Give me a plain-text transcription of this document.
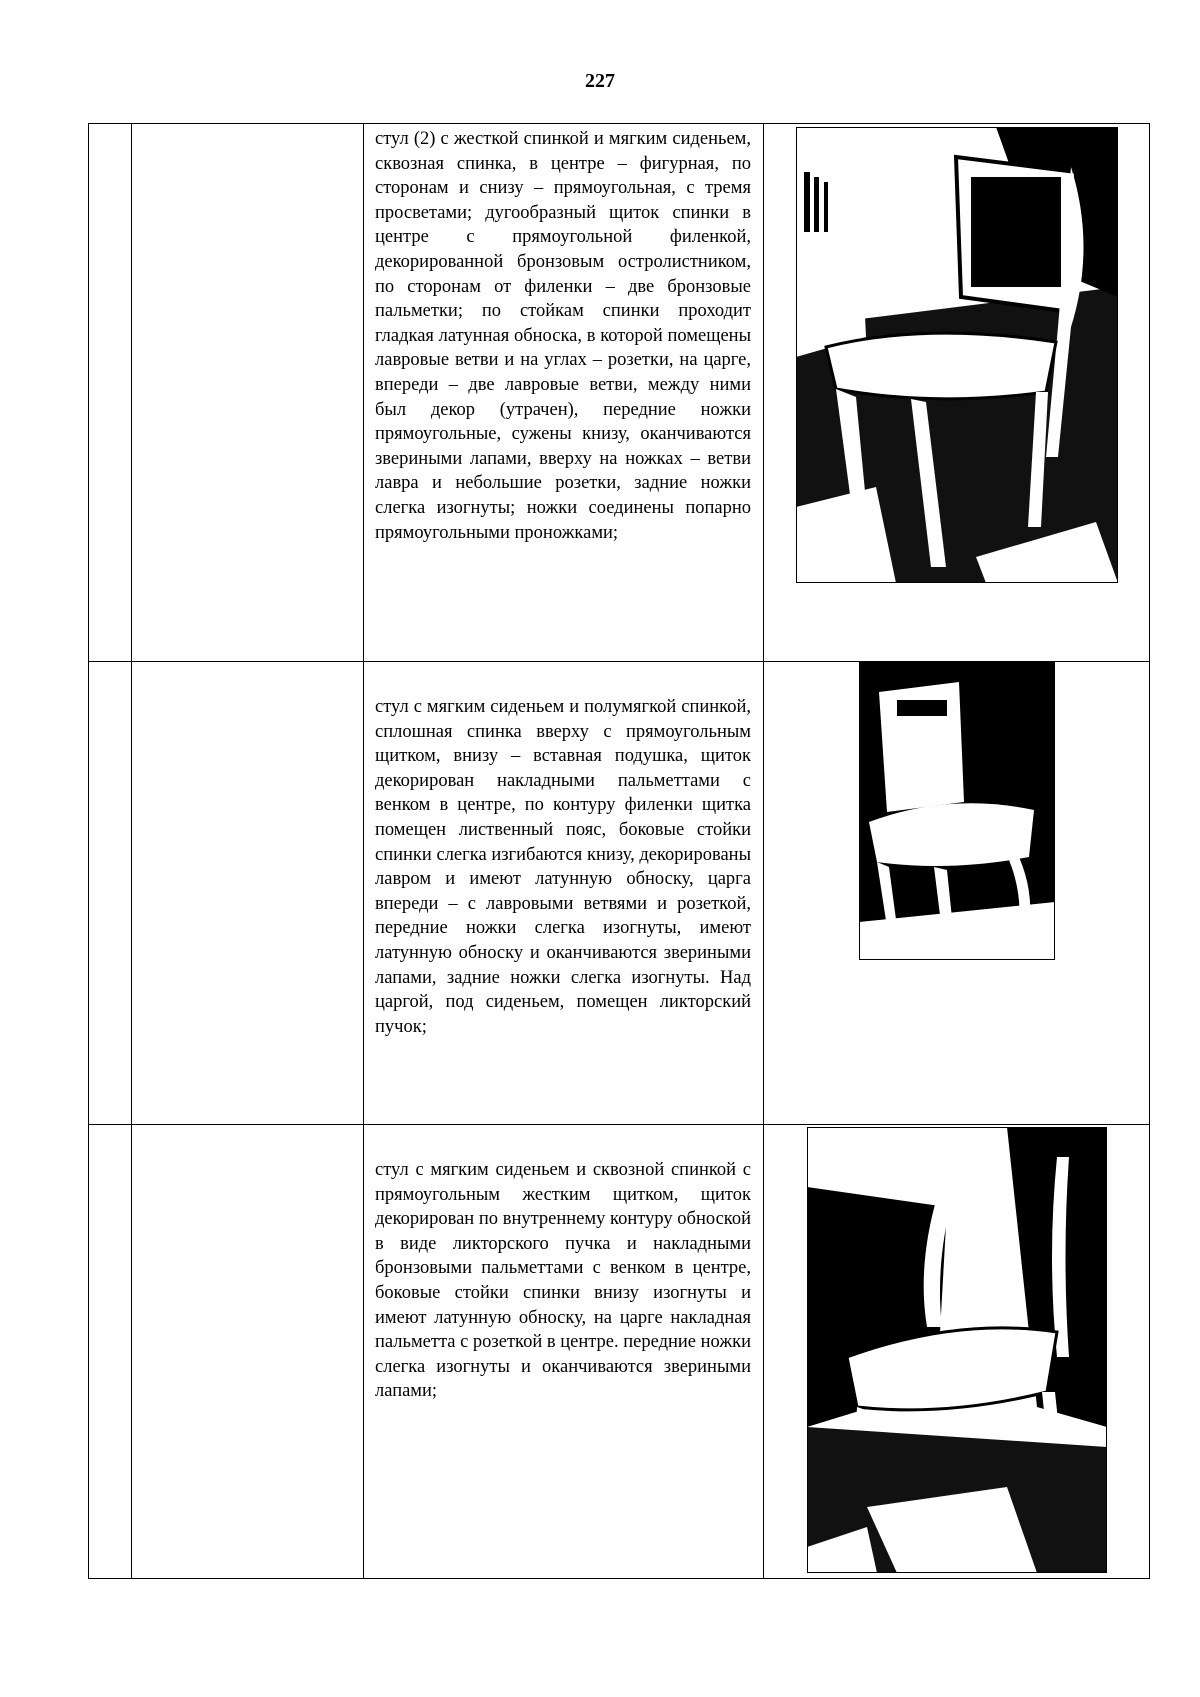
227

		стул (2) с жесткой спинкой и мягким сиденьем, сквозная спинка, в центре – фигурная, по сторонам и снизу – прямоугольная, с тремя просветами; дугообразный щиток спинки в центре с прямоугольной филенкой, декорированной бронзовым остролистником, по сторонам от филенки – две бронзовые пальметки; по стойкам спинки проходит гладкая латунная обноска, в которой помещены лавровые ветви и на углах – розетки, на царге, впереди – две лавровые ветви, между ними был декор (утрачен), передние ножки прямоугольные, сужены книзу, оканчиваются звериными лапами, вверху на ножках – ветви лавра и небольшие розетки, задние ножки слегка изогнуты; ножки соединены попарно прямоугольными проножками;

		стул с мягким сиденьем и полумягкой спинкой, сплошная спинка вверху с прямоугольным щитком, внизу – вставная подушка, щиток декорирован накладными пальметтами с венком в центре, по контуру филенки щитка помещен лиственный пояс, боковые стойки спинки слегка изгибаются книзу, декорированы лавром и имеют латунную обноску, царга впереди – с лавровыми ветвями и розеткой, передние ножки слегка изогнуты, имеют латунную обноску и оканчиваются звериными лапами, задние ножки слегка изогнуты. Над царгой, под сиденьем, помещен ликторский пучок;

		стул с мягким сиденьем и сквозной спинкой с прямоугольным жестким щитком, щиток декорирован по внутреннему контуру обноской в виде ликторского пучка и накладными бронзовыми пальметтами с венком в центре, боковые стойки спинки внизу изогнуты и имеют латунную обноску, на царге накладная пальметта с розеткой в центре. передние ножки слегка изогнуты и оканчиваются звериными лапами;
